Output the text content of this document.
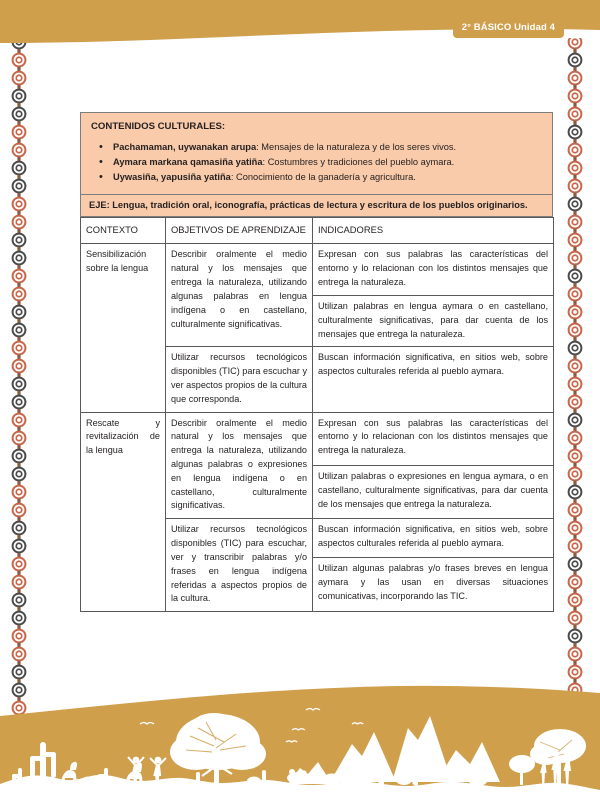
2° BÁSICO Unidad 4
CONTENIDOS CULTURALES:
• Pachamaman, uywanakan arupa: Mensajes de la naturaleza y de los seres vivos.
• Aymara markana qamasiña yatiña: Costumbres y tradiciones del pueblo aymara.
• Uywasiña, yapusiña yatiña: Conocimiento de la ganadería y agricultura.
EJE: Lengua, tradición oral, iconografía, prácticas de lectura y escritura de los pueblos originarios.
CONTEXTO	OBJETIVOS DE APRENDIZAJE	INDICADORES
Sensibilización sobre la lengua	Describir oralmente el medio natural y los mensajes que entrega la naturaleza, utilizando algunas palabras en lengua indígena o en castellano, culturalmente significativas.	Expresan con sus palabras las características del entorno y lo relacionan con los distintos mensajes que entrega la naturaleza.
		Utilizan palabras en lengua aymara o en castellano, culturalmente significativas, para dar cuenta de los mensajes que entrega la naturaleza.
	Utilizar recursos tecnológicos disponibles (TIC) para escuchar y ver aspectos propios de la cultura que corresponda.	Buscan información significativa, en sitios web, sobre aspectos culturales referida al pueblo aymara.
Rescate y revitalización de la lengua	Describir oralmente el medio natural y los mensajes que entrega la naturaleza, utilizando algunas palabras o expresiones en lengua indígena o en castellano, culturalmente significativas.	Expresan con sus palabras las características del entorno y lo relacionan con los distintos mensajes que entrega la naturaleza.
		Utilizan palabras o expresiones en lengua aymara, o en castellano, culturalmente significativas, para dar cuenta de los mensajes que entrega la naturaleza.
	Utilizar recursos tecnológicos disponibles (TIC) para escuchar, ver y transcribir palabras y/o frases en lengua indígena referidas a aspectos propios de la cultura.	Buscan información significativa, en sitios web, sobre aspectos culturales referida al pueblo aymara.
		Utilizan algunas palabras y/o frases breves en lengua aymara y las usan en diversas situaciones comunicativas, incorporando las TIC.
